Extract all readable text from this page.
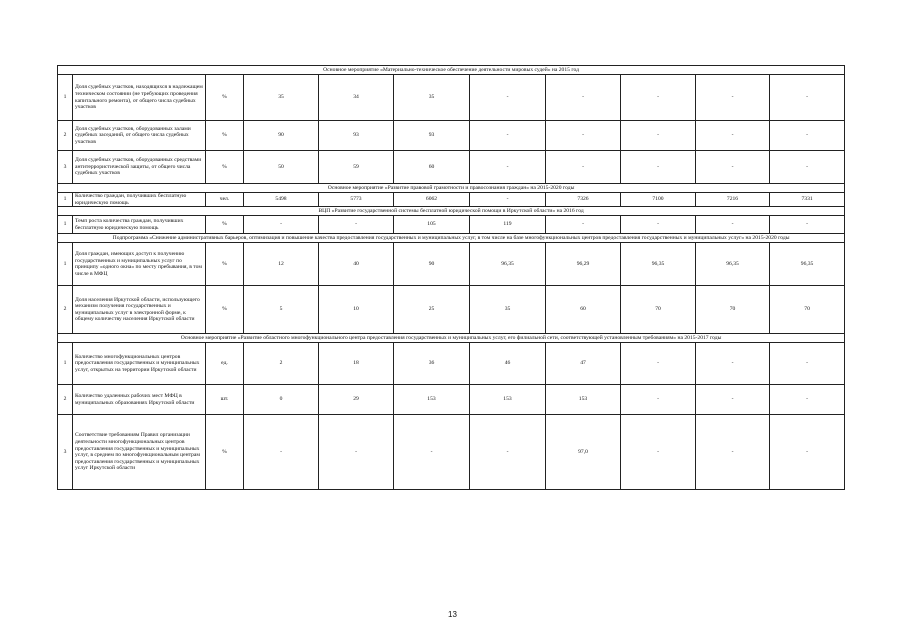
Основное мероприятие «Материально-техническое обеспечение деятельности мировых судей» на 2015 год										
1	Доля судебных участков, находящихся в надлежащем техническом состоянии (не требующих проведения капитального ремонта), от общего числа судебных участков	%	35	34	35	-	-	-	-	-
2	Доля судебных участков, оборудованных залами судебных заседаний, от общего числа судебных участков	%	90	93	93	-	-	-	-	-
3	Доля судебных участков, оборудованных средствами антитеррористической защиты, от общего числа судебных участков	%	50	59	60	-	-	-	-	-
Основное мероприятие «Развитие правовой грамотности и правосознания граждан» на 2015-2020 годы										
1	Количество граждан, получивших бесплатную юридическую помощь	чел.	5498	5773	6062	-	7326	7100	7216	7331
ВЦП «Развитие государственной системы бесплатной юридической помощи в Иркутской области» на 2016 год										
1	Темп роста количества граждан, получивших бесплатную юридическую помощь	%	-	-	105	119	-	-	-	-
Подпрограмма «Снижение административных барьеров, оптимизация и повышение качества предоставления государственных и муниципальных услуг, в том числе на базе многофункциональных центров предоставления государственных и муниципальных услуг» на 2015-2020 годы										
1	Доля граждан, имеющих доступ к получению государственных и муниципальных услуг по принципу «одного окна» по месту пребывания, в том числе в МФЦ	%	12	40	90	96,35	96,29	96,35	96,35	96,35
2	Доля населения Иркутской области, использующего механизм получения государственных и муниципальных услуг в электронной форме, к общему количеству населения Иркутской области	%	5	10	25	35	60	70	70	70
Основное мероприятие «Развитие областного многофункционального центра предоставления государственных и муниципальных услуг, его филиальной сети, соответствующей установленным требованиям» на 2015-2017 годы										
1	Количество многофункциональных центров предоставления государственных и муниципальных услуг, открытых на территории Иркутской области	ед.	2	18	36	46	47	-	-	-
2	Количество удаленных рабочих мест МФЦ в муниципальных образованиях Иркутской области	шт.	0	29	153	153	153	-	-	-
3	Соответствие требованиям Правил организации деятельности многофункциональных центров предоставления государственных и муниципальных услуг, в среднем по многофункциональным центрам предоставления государственных и муниципальных услуг Иркутской области	%	-	-	-	-	97,0	-	-	-
13
